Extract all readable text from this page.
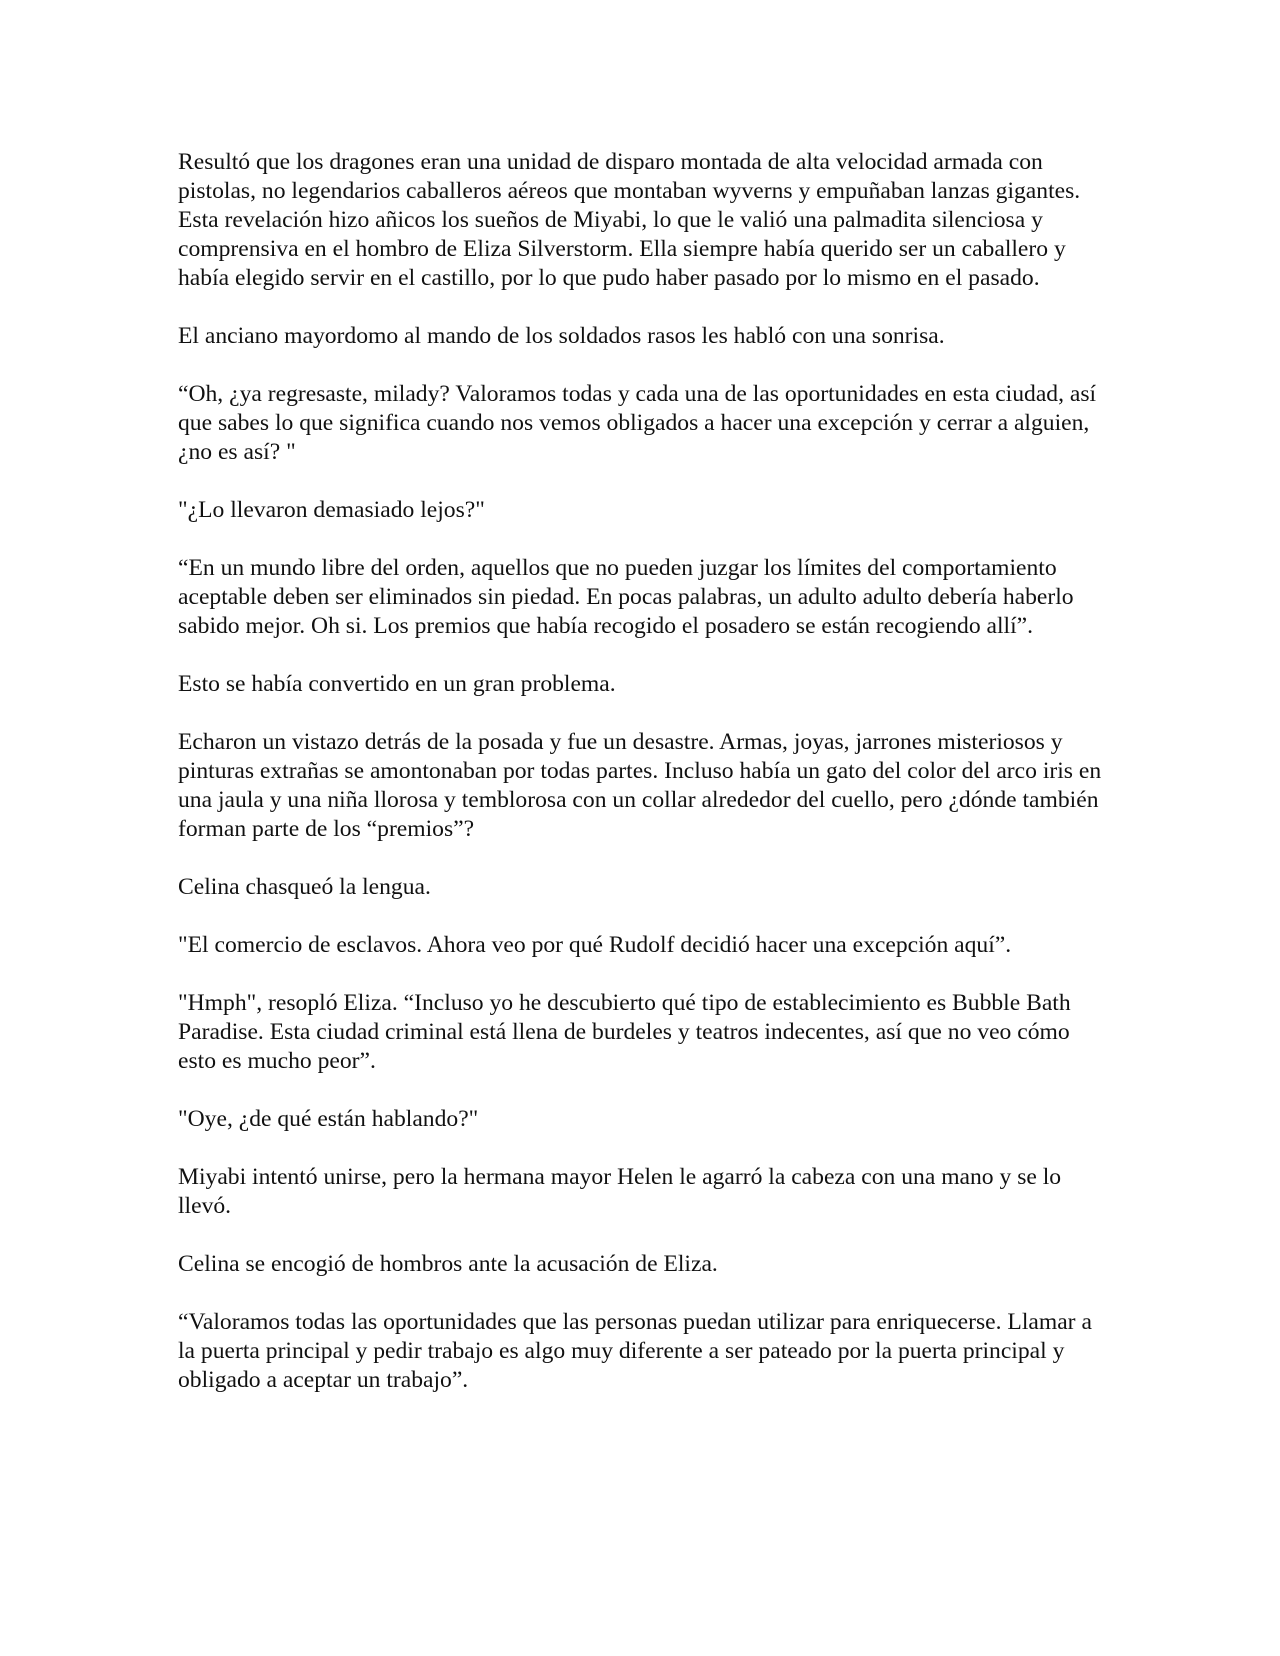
Resultó que los dragones eran una unidad de disparo montada de alta velocidad armada con pistolas, no legendarios caballeros aéreos que montaban wyverns y empuñaban lanzas gigantes. Esta revelación hizo añicos los sueños de Miyabi, lo que le valió una palmadita silenciosa y comprensiva en el hombro de Eliza Silverstorm. Ella siempre había querido ser un caballero y había elegido servir en el castillo, por lo que pudo haber pasado por lo mismo en el pasado.

El anciano mayordomo al mando de los soldados rasos les habló con una sonrisa.

“Oh, ¿ya regresaste, milady? Valoramos todas y cada una de las oportunidades en esta ciudad, así que sabes lo que significa cuando nos vemos obligados a hacer una excepción y cerrar a alguien, ¿no es así? "

"¿Lo llevaron demasiado lejos?"

“En un mundo libre del orden, aquellos que no pueden juzgar los límites del comportamiento aceptable deben ser eliminados sin piedad. En pocas palabras, un adulto adulto debería haberlo sabido mejor. Oh si. Los premios que había recogido el posadero se están recogiendo allí”.

Esto se había convertido en un gran problema.

Echaron un vistazo detrás de la posada y fue un desastre. Armas, joyas, jarrones misteriosos y pinturas extrañas se amontonaban por todas partes. Incluso había un gato del color del arco iris en una jaula y una niña llorosa y temblorosa con un collar alrededor del cuello, pero ¿dónde también forman parte de los “premios”?

Celina chasqueó la lengua.

"El comercio de esclavos. Ahora veo por qué Rudolf decidió hacer una excepción aquí”.

"Hmph", resopló Eliza. “Incluso yo he descubierto qué tipo de establecimiento es Bubble Bath Paradise. Esta ciudad criminal está llena de burdeles y teatros indecentes, así que no veo cómo esto es mucho peor”.

"Oye, ¿de qué están hablando?"

Miyabi intentó unirse, pero la hermana mayor Helen le agarró la cabeza con una mano y se lo llevó.

Celina se encogió de hombros ante la acusación de Eliza.

“Valoramos todas las oportunidades que las personas puedan utilizar para enriquecerse. Llamar a la puerta principal y pedir trabajo es algo muy diferente a ser pateado por la puerta principal y obligado a aceptar un trabajo”.
